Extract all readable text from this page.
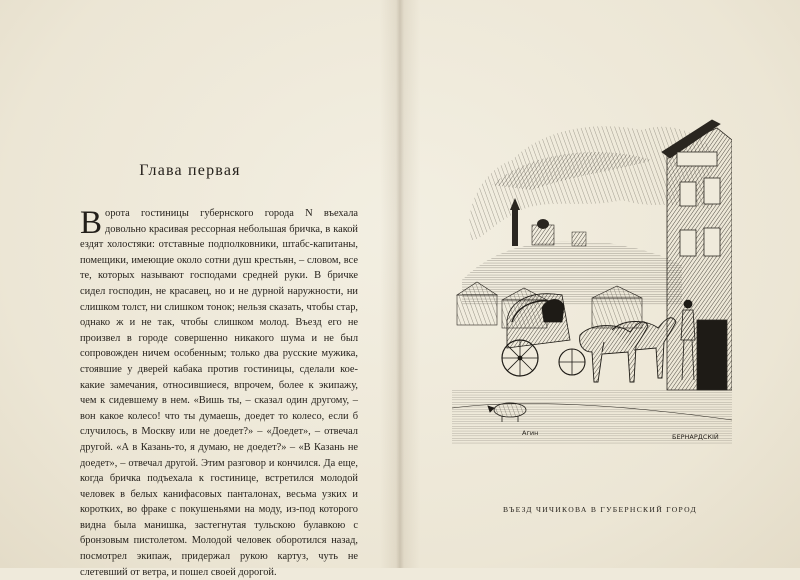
Глава первая

Ворота гостиницы губернского города N въехала довольно красивая рессорная небольшая бричка, в какой ездят холостяки: отставные подполковники, штабс-капитаны, помещики, имеющие около сотни душ крестьян, – словом, все те, которых называют господами средней руки. В бричке сидел господин, не красавец, но и не дурной наружности, ни слишком толст, ни слишком тонок; нельзя сказать, чтобы стар, однако ж и не так, чтобы слишком молод. Въезд его не произвел в городе совершенно никакого шума и не был сопровожден ничем особенным; только два русские мужика, стоявшие у дверей кабака против гостиницы, сделали кое-какие замечания, относившиеся, впрочем, более к экипажу, чем к сидевшему в нем. «Вишь ты, – сказал один другому, – вон какое колесо! что ты думаешь, доедет то колесо, если б случилось, в Москву или не доедет?» – «Доедет», – отвечал другой. «А в Казань-то, я думаю, не доедет?» – «В Казань не доедет», – отвечал другой. Этим разговор и кончился. Да еще, когда бричка подъехала к гостинице, встретился молодой человек в белых канифасовых панталонах, весьма узких и коротких, во фраке с покушеньями на моду, из-под которого видна была манишка, застегнутая тульскою булавкою с бронзовым пистолетом. Молодой человек оборотился назад, посмотрел экипаж, придержал рукою картуз, чуть не слетевший от ветра, и пошел своей дорогой.

Агин	БЕРНАРДСКІЙ

ВЪЕЗД ЧИЧИКОВА В ГУБЕРНСКИЙ ГОРОД
